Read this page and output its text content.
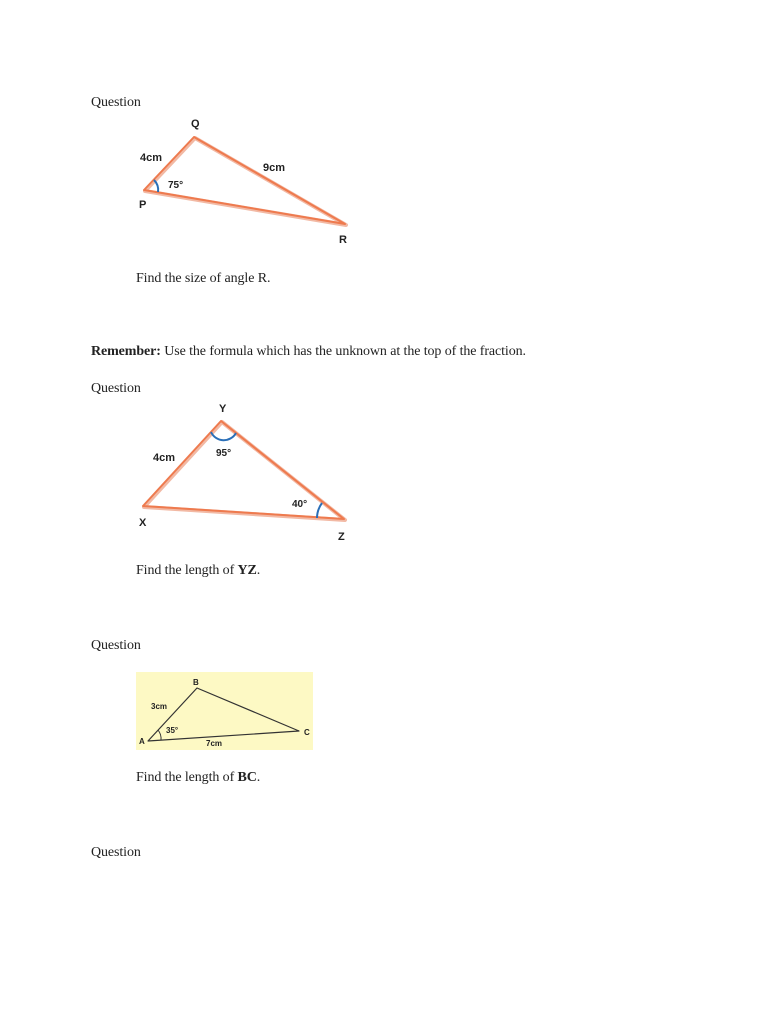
Question
Q
4cm
9cm
75°
P
R
Find the size of angle R.
Remember: Use the formula which has the unknown at the top of the fraction.
Question
Y
4cm	95°
40°
X
Z
Find the length of YZ.
Question
B
3cm
35°
A	7cm
C
Find the length of BC.
Question
